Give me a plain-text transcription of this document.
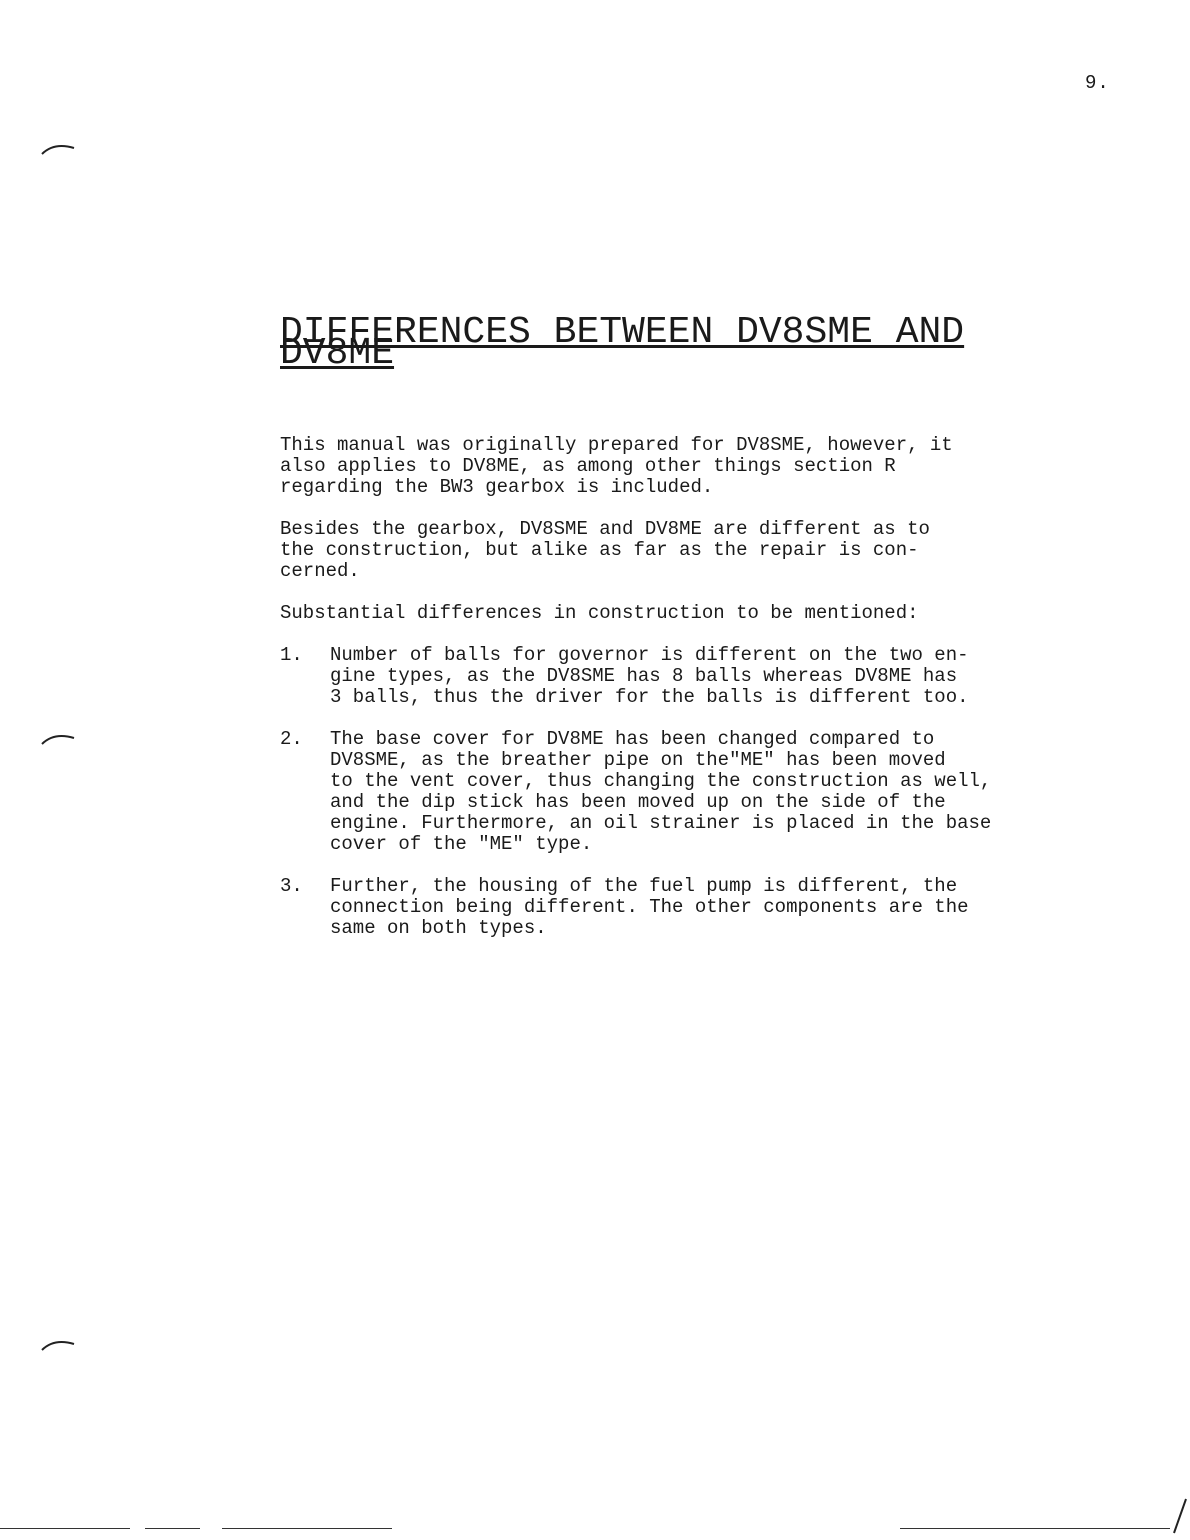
9.
DIFFERENCES BETWEEN DV8SME AND DV8ME

This manual was originally prepared for DV8SME, however, it
also applies to DV8ME, as among other things section R
regarding the BW3 gearbox is included.

Besides the gearbox, DV8SME and DV8ME are different as to
the construction, but alike as far as the repair is con-
cerned.

Substantial differences in construction to be mentioned:

1.	Number of balls for governor is different on the two en-
gine types, as the DV8SME has 8 balls whereas DV8ME has
3 balls, thus the driver for the balls is different too.
2.	The base cover for DV8ME has been changed compared to
DV8SME, as the breather pipe on the"ME" has been moved
to the vent cover, thus changing the construction as well,
and the dip stick has been moved up on the side of the
engine. Furthermore, an oil strainer is placed in the base
cover of the "ME" type.
3.	Further, the housing of the fuel pump is different, the
connection being different. The other components are the
same on both types.
